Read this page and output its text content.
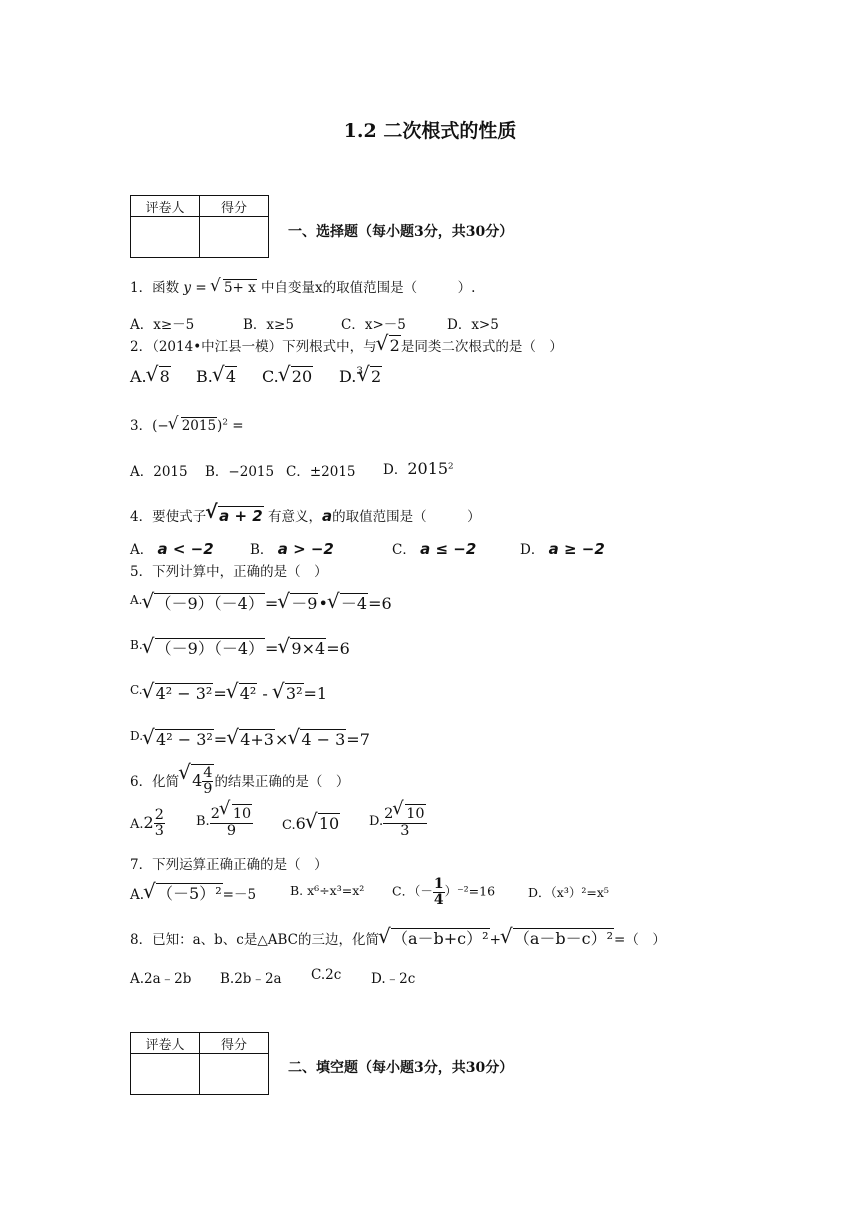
1.2 二次根式的性质
评卷人	得分

一、选择题（每小题3分，共30分）
1．函数 y = √ 5+ x 中自变量x的取值范围是（　　　）.
A．x≥－5	B．x≥5	C．x>－5	D．x>5
2．（2014•中江县一模）下列根式中，与 √ 2是同类二次根式的是（　）
A. √ 8 B. √ 4 C. √ 20 D.$^3$ √ 2
3．(− √ 2015)$^2$ =
A．2015 B．−2015 C．±2015 D．2015$^2$
4．要使式子 √ a + 2 有意义，a的取值范围是（　　　）
A． a < −2	B． a > −2	C． a ≤ −2	D． a ≥ −2
5．下列计算中，正确的是（　）
$^{A.}$ √ （－9）（－4）= √ －9• √ －4=6
$^{B.}$ √ （－9）（－4）= √ 9×4=6
$^{C.}$ √ 4² − 3²= √ 4² - √ 3²=1
$^{D.}$ √ 4² − 3²= √ 4+3× √ 4 − 3=7
6．化简 √ $4 \frac{4}{9}$ 的结果正确的是（　）
$A.2 \frac{2}{3} B$. $\frac{2 √ 10}{9} C.6$ √ 10 D. $\frac{2 √ 10}{3}$
7．下列运算正确正确的是（　）
A. √ （－5）²=－5	B. x⁶÷x³=x² C．（－ $\frac{1}{4} )^{-2}=16$	D．（x³）²=x⁵
8．已知：a、b、c是△ABC的三边，化简 √ （a－b+c）²+ √ （a－b－c）²=（　）
A.2a﹣2b B.2b﹣2a C.2c D.﹣2c
评卷人	得分

二、填空题（每小题3分，共30分）
